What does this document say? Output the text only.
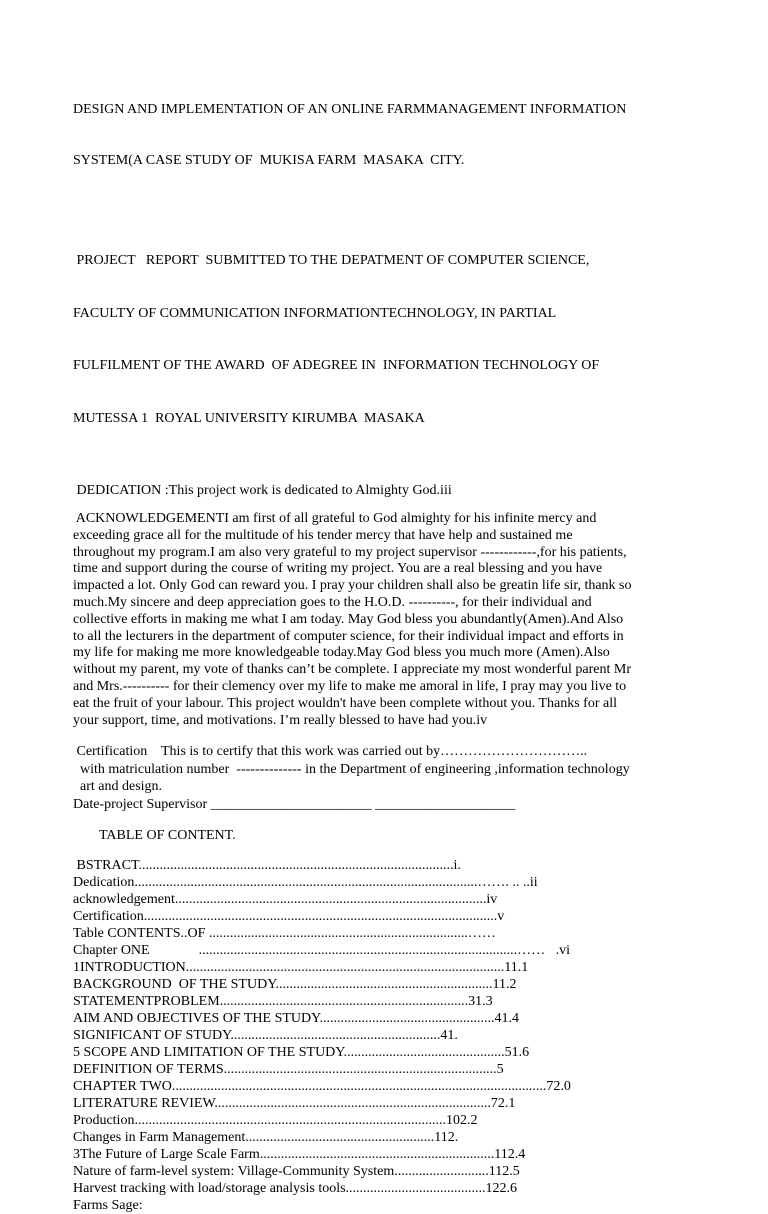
DESIGN AND IMPLEMENTATION OF AN ONLINE FARMMANAGEMENT INFORMATION

SYSTEM(A CASE STUDY OF  MUKISA FARM  MASAKA  CITY.

PROJECT   REPORT  SUBMITTED TO THE DEPATMENT OF COMPUTER SCIENCE,

FACULTY OF COMMUNICATION INFORMATIONTECHNOLOGY, IN PARTIAL

FULFILMENT OF THE AWARD  OF ADEGREE IN  INFORMATION TECHNOLOGY OF

MUTESSA 1  ROYAL UNIVERSITY KIRUMBA  MASAKA

DEDICATION :This project work is dedicated to Almighty God.iii
ACKNOWLEDGEMENTI am first of all grateful to God almighty for his infinite mercy and
exceeding grace all for the multitude of his tender mercy that have help and sustained me
throughout my program.I am also very grateful to my project supervisor ------------,for his patients,
time and support during the course of writing my project. You are a real blessing and you have
impacted a lot. Only God can reward you. I pray your children shall also be greatin life sir, thank so
much.My sincere and deep appreciation goes to the H.O.D. ----------, for their individual and
collective efforts in making me what I am today. May God bless you abundantly(Amen).And Also
to all the lecturers in the department of computer science, for their individual impact and efforts in
my life for making me more knowledgeable today.May God bless you much more (Amen).Also
without my parent, my vote of thanks can’t be complete. I appreciate my most wonderful parent Mr
and Mrs.---------- for their clemency over my life to make me amoral in life, I pray may you live to
eat the fruit of your labour. This project wouldn't have been complete without you. Thanks for all
your support, time, and motivations. I’m really blessed to have had you.iv
Certification    This is to certify that this work was carried out by…………………………..
with matriculation number  -------------- in the Department of engineering ,information technology
art and design.
Date-project Supervisor _______________________ ____________________
TABLE OF CONTENT.
BSTRACT..........................................................................................i.
Dedication..................................................................................................……. .. ..ii
acknowledgement.........................................................................................iv
Certification.....................................................................................................v
Table CONTENTS..OF ..........................................................................……
Chapter ONE              ...........................................................................................……   .vi
1INTRODUCTION...........................................................................................11.1
BACKGROUND  OF THE STUDY..............................................................11.2
STATEMENTPROBLEM.......................................................................31.3
AIM AND OBJECTIVES OF THE STUDY..................................................41.4
SIGNIFICANT OF STUDY............................................................41.
5 SCOPE AND LIMITATION OF THE STUDY..............................................51.6
DEFINITION OF TERMS..............................................................................5
CHAPTER TWO...........................................................................................................72.0
LITERATURE REVIEW...............................................................................72.1
Production.........................................................................................102.2
Changes in Farm Management......................................................112.
3The Future of Large Scale Farm...................................................................112.4
Nature of farm-level system: Village-Community System...........................112.5
Harvest tracking with load/storage analysis tools........................................122.6
Farms Sage:
